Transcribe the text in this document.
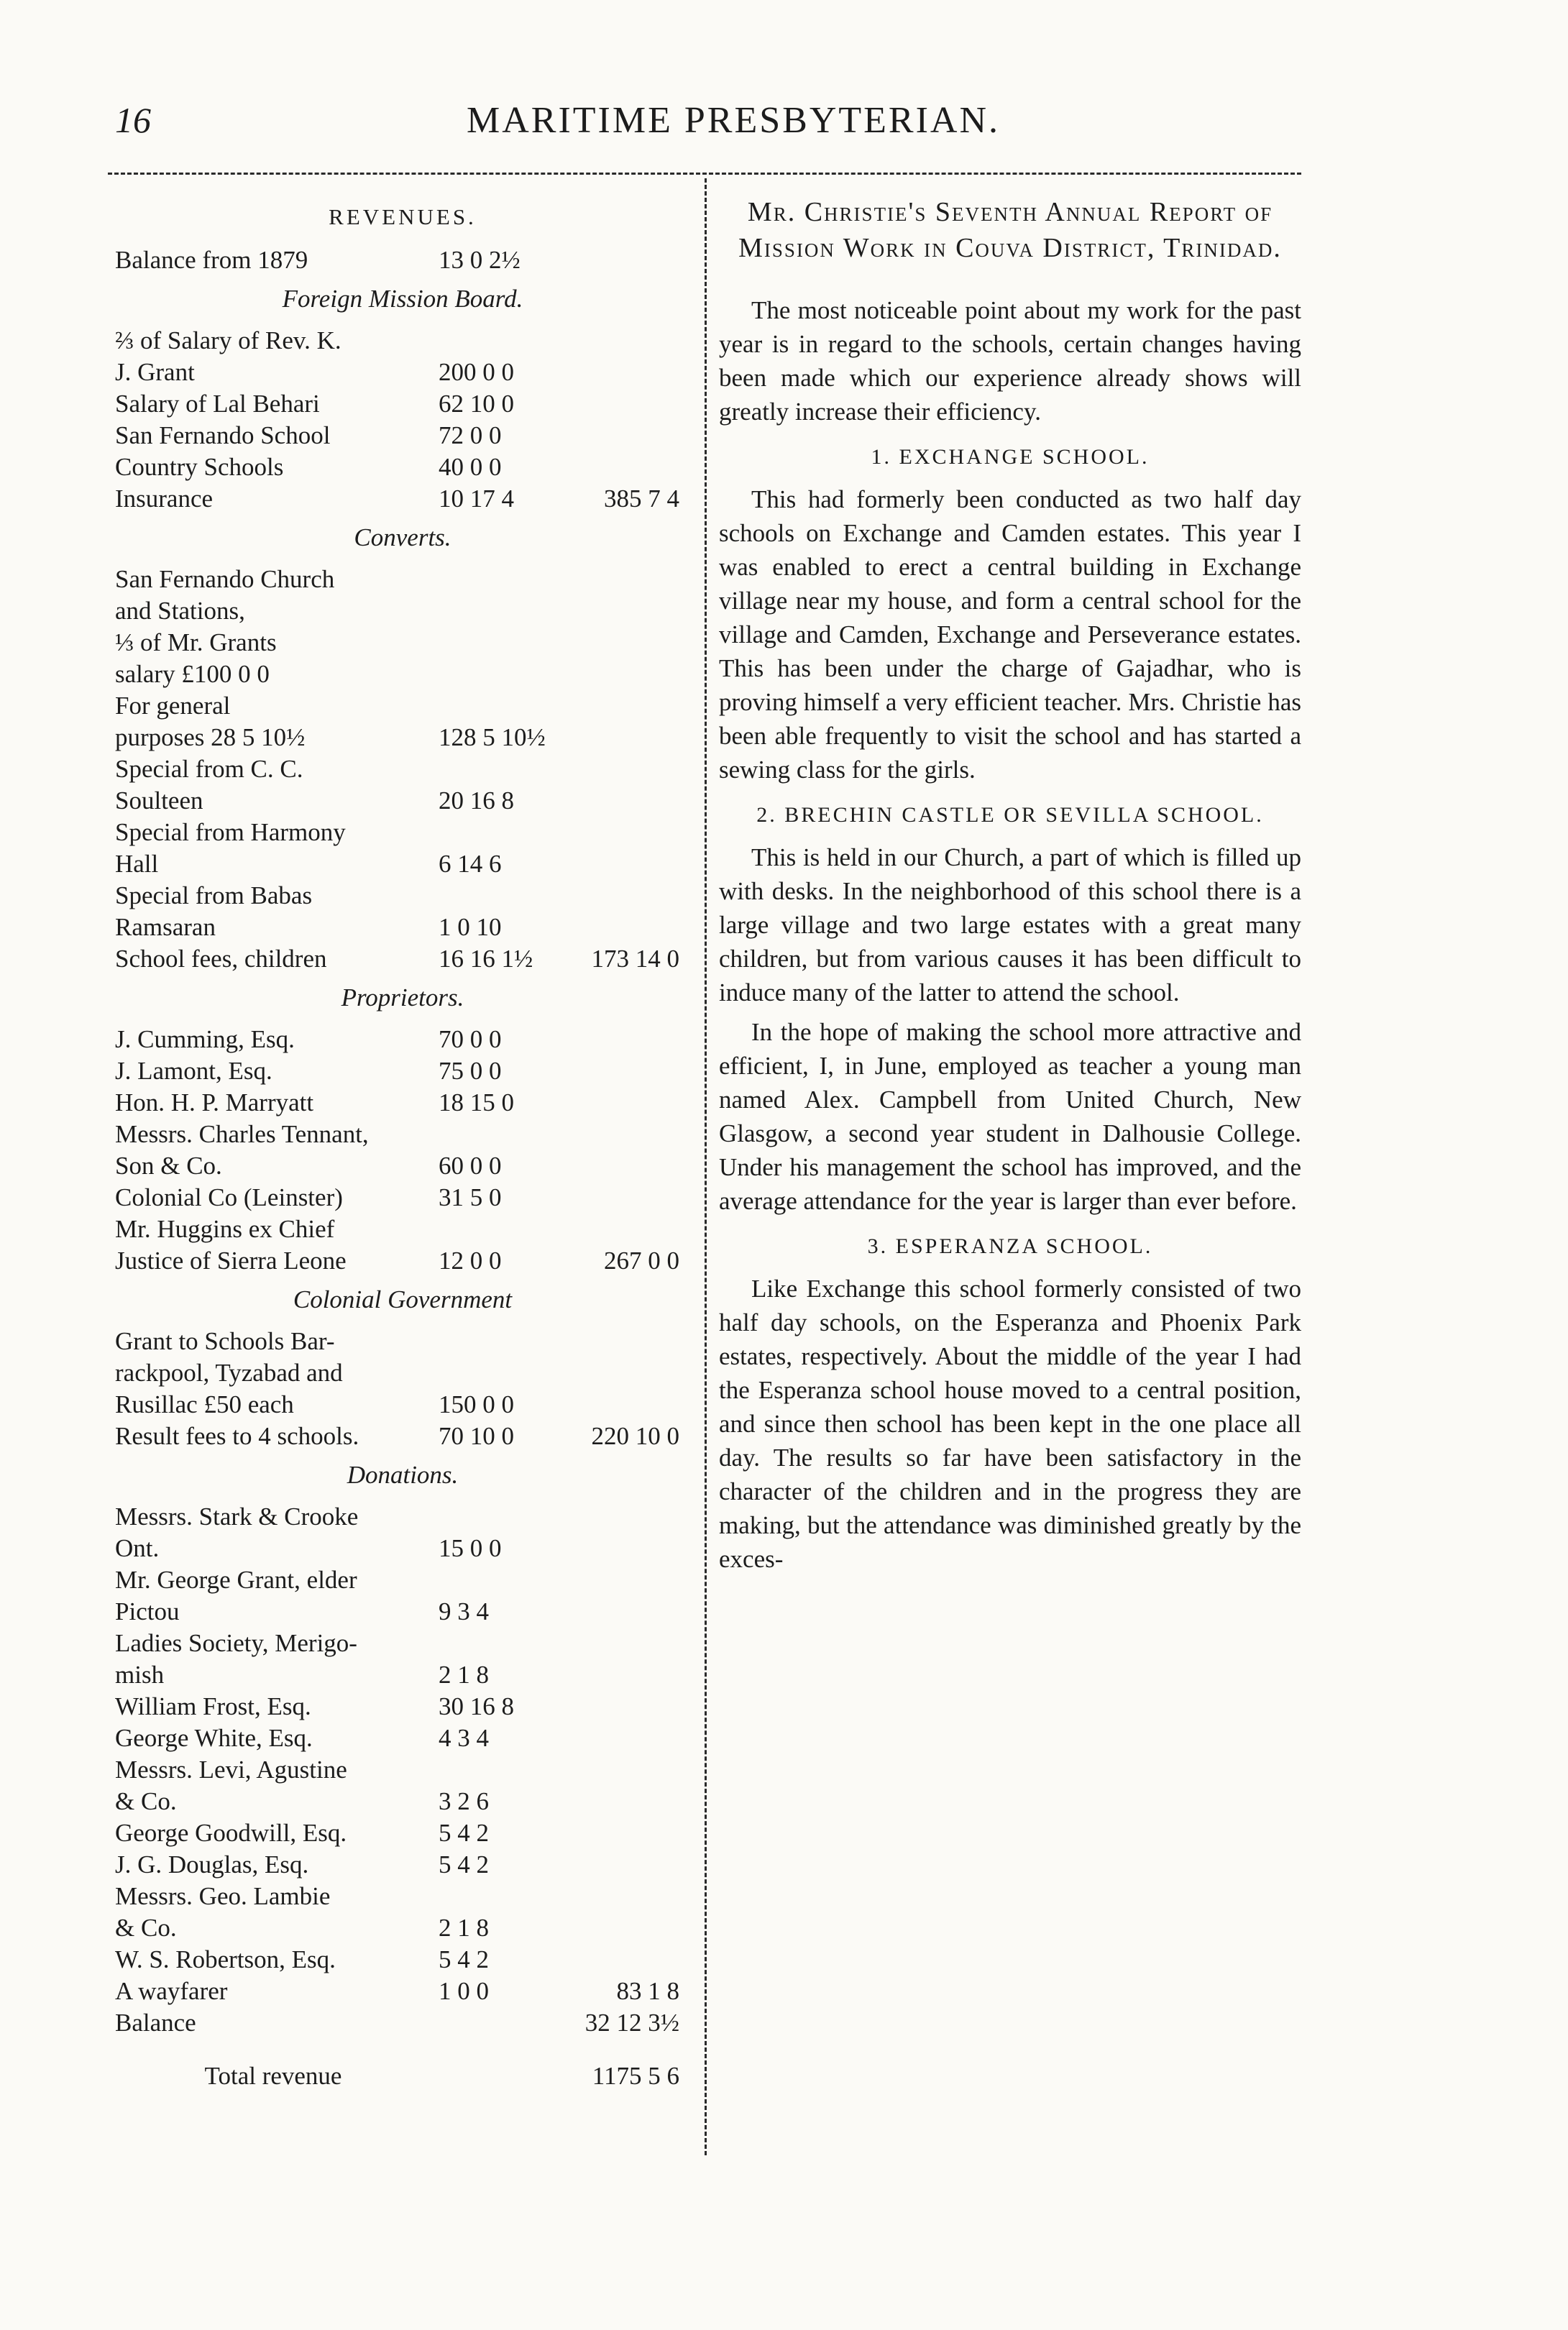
16	MARITIME PRESBYTERIAN.
REVENUES.
Balance from 1879	13 0 2½
Foreign Mission Board.
⅔ of Salary of Rev. K.
J. Grant	200 0 0
Salary of Lal Behari	62 10 0
San Fernando School	72 0 0
Country Schools	40 0 0
Insurance	10 17 4	385 7 4
Converts.
San Fernando Church
and Stations,
⅓ of Mr. Grants
salary £100 0 0
For general
purposes 28 5 10½	128 5 10½
Special from C. C.
Soulteen	20 16 8
Special from Harmony
Hall	6 14 6
Special from Babas
Ramsaran	1 0 10
School fees, children	16 16 1½	173 14 0
Proprietors.
J. Cumming, Esq.	70 0 0
J. Lamont, Esq.	75 0 0
Hon. H. P. Marryatt	18 15 0
Messrs. Charles Tennant,
Son & Co.	60 0 0
Colonial Co (Leinster)	31 5 0
Mr. Huggins ex Chief
Justice of Sierra Leone	12 0 0	267 0 0
Colonial Government
Grant to Schools Bar-
rackpool, Tyzabad and
Rusillac £50 each	150 0 0
Result fees to 4 schools.	70 10 0	220 10 0
Donations.
Messrs. Stark & Crooke
Ont.	15 0 0
Mr. George Grant, elder
Pictou	9 3 4
Ladies Society, Merigo-
mish	2 1 8
William Frost, Esq.	30 16 8
George White, Esq.	4 3 4
Messrs. Levi, Agustine
& Co.	3 2 6
George Goodwill, Esq.	5 4 2
J. G. Douglas, Esq.	5 4 2
Messrs. Geo. Lambie
& Co.	2 1 8
W. S. Robertson, Esq.	5 4 2
A wayfarer	1 0 0	83 1 8
Balance	32 12 3½
Total revenue	1175 5 6
Mr. Christie's Seventh Annual Report of Mission Work in Couva District, Trinidad.

The most noticeable point about my work for the past year is in regard to the schools, certain changes having been made which our experience already shows will greatly increase their efficiency.

1. EXCHANGE SCHOOL.

This had formerly been conducted as two half day schools on Exchange and Camden estates. This year I was enabled to erect a central building in Exchange village near my house, and form a central school for the village and Camden, Exchange and Perseverance estates. This has been under the charge of Gajadhar, who is proving himself a very efficient teacher. Mrs. Christie has been able frequently to visit the school and has started a sewing class for the girls.

2. BRECHIN CASTLE OR SEVILLA SCHOOL.

This is held in our Church, a part of which is filled up with desks. In the neighborhood of this school there is a large village and two large estates with a great many children, but from various causes it has been difficult to induce many of the latter to attend the school.

In the hope of making the school more attractive and efficient, I, in June, employed as teacher a young man named Alex. Campbell from United Church, New Glasgow, a second year student in Dalhousie College. Under his management the school has improved, and the average attendance for the year is larger than ever before.

3. ESPERANZA SCHOOL.

Like Exchange this school formerly consisted of two half day schools, on the Esperanza and Phoenix Park estates, respectively. About the middle of the year I had the Esperanza school house moved to a central position, and since then school has been kept in the one place all day. The results so far have been satisfactory in the character of the children and in the progress they are making, but the attendance was diminished greatly by the exces-
